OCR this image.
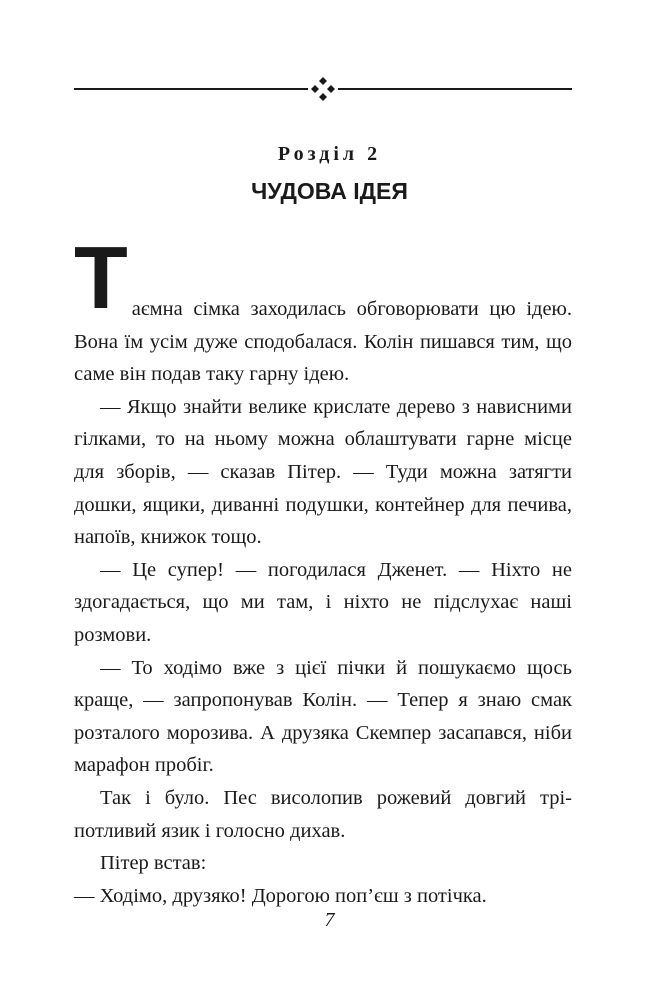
Розділ 2
ЧУДОВА ІДЕЯ

Таємна сімка заходилась обговорювати цю ідею. Вона їм усім дуже сподобалася. Колін пишався тим, що саме він подав таку гарну ідею.

— Якщо знайти велике крислате дерево з нависними гілками, то на ньому можна облаштувати гарне місце для зборів, — сказав Пітер. — Туди можна затягти дошки, ящики, диванні подушки, контейнер для печива, напоїв, книжок тощо.

— Це супер! — погодилася Дженет. — Ніхто не здогадається, що ми там, і ніхто не підслухає наші розмови.

— То ходімо вже з цієї пічки й пошукаємо щось краще, — запропонував Колін. — Тепер я знаю смак розталого морозива. А друзяка Скемпер засапався, ніби марафон пробіг.

Так і було. Пес висолопив рожевий довгий тріпотливий язик і голосно дихав.

Пітер встав:

— Ходімо, друзяко! Дорогою поп’єш з потічка.

7
